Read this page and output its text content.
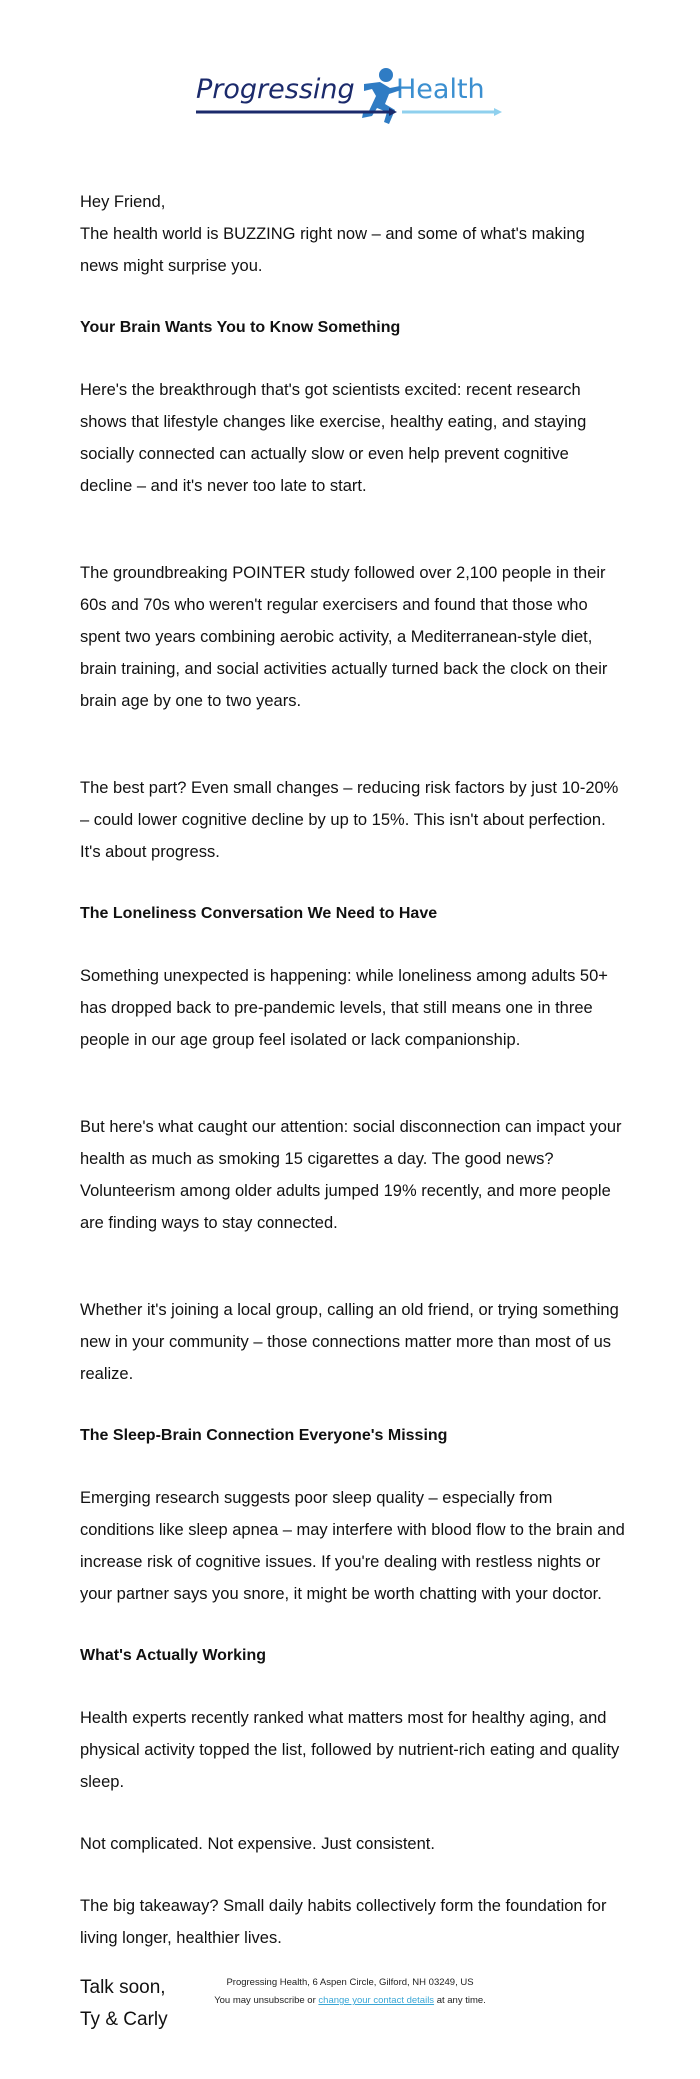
Progressing Health
Hey Friend,

The health world is BUZZING right now – and some of what's making news might surprise you.

Your Brain Wants You to Know Something

Here's the breakthrough that's got scientists excited: recent research shows that lifestyle changes like exercise, healthy eating, and staying socially connected can actually slow or even help prevent cognitive decline – and it's never too late to start.

The groundbreaking POINTER study followed over 2,100 people in their 60s and 70s who weren't regular exercisers and found that those who spent two years combining aerobic activity, a Mediterranean-style diet, brain training, and social activities actually turned back the clock on their brain age by one to two years.

The best part? Even small changes – reducing risk factors by just 10-20% – could lower cognitive decline by up to 15%. This isn't about perfection. It's about progress.

The Loneliness Conversation We Need to Have

Something unexpected is happening: while loneliness among adults 50+ has dropped back to pre-pandemic levels, that still means one in three people in our age group feel isolated or lack companionship.

But here's what caught our attention: social disconnection can impact your health as much as smoking 15 cigarettes a day. The good news? Volunteerism among older adults jumped 19% recently, and more people are finding ways to stay connected.

Whether it's joining a local group, calling an old friend, or trying something new in your community – those connections matter more than most of us realize.

The Sleep-Brain Connection Everyone's Missing

Emerging research suggests poor sleep quality – especially from conditions like sleep apnea – may interfere with blood flow to the brain and increase risk of cognitive issues. If you're dealing with restless nights or your partner says you snore, it might be worth chatting with your doctor.

What's Actually Working

Health experts recently ranked what matters most for healthy aging, and physical activity topped the list, followed by nutrient-rich eating and quality sleep.

Not complicated. Not expensive. Just consistent.

The big takeaway? Small daily habits collectively form the foundation for living longer, healthier lives.

Talk soon,
Ty & Carly
Progressing Health, 6 Aspen Circle, Gilford, NH 03249, US
You may unsubscribe or change your contact details at any time.
